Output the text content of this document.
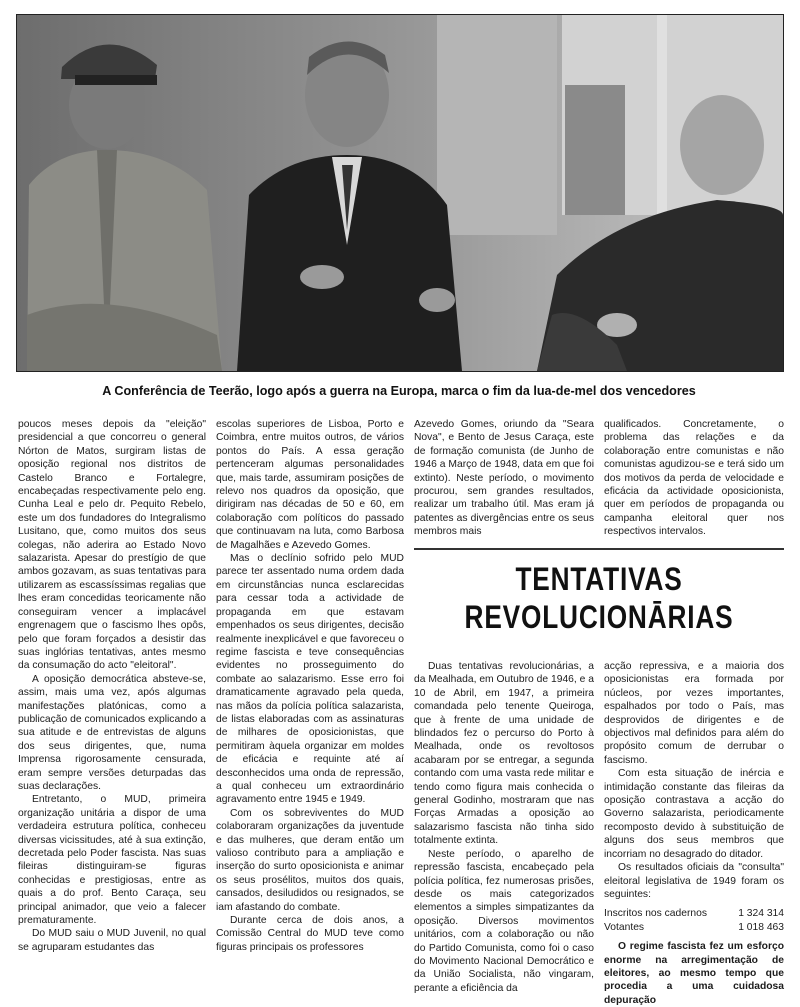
A Conferência de Teerão, logo após a guerra na Europa, marca o fim da lua-de-mel dos vencedores

poucos meses depois da "eleição" presidencial a que concorreu o general Nórton de Matos, surgiram listas de oposição regional nos distritos de Castelo Branco e Fortalegre, encabeçadas respectivamente pelo eng. Cunha Leal e pelo dr. Pequito Rebelo, este um dos fundadores do Integralismo Lusitano, que, como muitos dos seus colegas, não aderira ao Estado Novo salazarista. Apesar do prestígio de que ambos gozavam, as suas tentativas para utilizarem as escassíssimas regalias que lhes eram concedidas teoricamente não conseguiram vencer a implacável engrenagem que o fascismo lhes opôs, pelo que foram forçados a desistir das suas inglórias tentativas, antes mesmo da consumação do acto "eleitoral".

A oposição democrática absteve-se, assim, mais uma vez, após algumas manifestações platónicas, como a publicação de comunicados explicando a sua atitude e de entrevistas de alguns dos seus dirigentes, que, numa Imprensa rigorosamente censurada, eram sempre versões deturpadas das suas declarações.

Entretanto, o MUD, primeira organização unitária a dispor de uma verdadeira estrutura política, conheceu diversas vicissitudes, até à sua extinção, decretada pelo Poder fascista. Nas suas fileiras distinguiram-se figuras conhecidas e prestigiosas, entre as quais a do prof. Bento Caraça, seu principal animador, que veio a falecer prematuramente.

Do MUD saiu o MUD Juvenil, no qual se agruparam estudantes das

escolas superiores de Lisboa, Porto e Coimbra, entre muitos outros, de vários pontos do País. A essa geração pertenceram algumas personalidades que, mais tarde, assumiram posições de relevo nos quadros da oposição, que dirigiram nas décadas de 50 e 60, em colaboração com políticos do passado que continuavam na luta, como Barbosa de Magalhães e Azevedo Gomes.

Mas o declínio sofrido pelo MUD parece ter assentado numa ordem dada em circunstâncias nunca esclarecidas para cessar toda a actividade de propaganda em que estavam empenhados os seus dirigentes, decisão realmente inexplicável e que favoreceu o regime fascista e teve consequências evidentes no prosseguimento do combate ao salazarismo. Esse erro foi dramaticamente agravado pela queda, nas mãos da polícia política salazarista, de listas elaboradas com as assinaturas de milhares de oposicionistas, que permitiram àquela organizar em moldes de eficácia e requinte até aí desconhecidos uma onda de repressão, a qual conheceu um extraordinário agravamento entre 1945 e 1949.

Com os sobreviventes do MUD colaboraram organizações da juventude e das mulheres, que deram então um valioso contributo para a ampliação e inserção do surto oposicionista e animar os seus prosélitos, muitos dos quais, cansados, desiludidos ou resignados, se iam afastando do combate.

Durante cerca de dois anos, a Comissão Central do MUD teve como figuras principais os professores

Azevedo Gomes, oriundo da "Seara Nova", e Bento de Jesus Caraça, este de formação comunista (de Junho de 1946 a Março de 1948, data em que foi extinto). Neste período, o movimento procurou, sem grandes resultados, realizar um trabalho útil. Mas eram já patentes as divergências entre os seus membros mais

qualificados. Concretamente, o problema das relações e da colaboração entre comunistas e não comunistas agudizou-se e terá sido um dos motivos da perda de velocidade e eficácia da actividade oposicionista, quer em períodos de propaganda ou campanha eleitoral quer nos respectivos intervalos.

TENTATIVAS
REVOLUCIONĀRIAS

Duas tentativas revolucionárias, a da Mealhada, em Outubro de 1946, e a 10 de Abril, em 1947, a primeira comandada pelo tenente Queiroga, que à frente de uma unidade de blindados fez o percurso do Porto à Mealhada, onde os revoltosos acabaram por se entregar, a segunda contando com uma vasta rede militar e tendo como figura mais conhecida o general Godinho, mostraram que nas Forças Armadas a oposição ao salazarismo fascista não tinha sido totalmente extinta.

Neste período, o aparelho de repressão fascista, encabeçado pela polícia política, fez numerosas prisões, desde os mais categorizados elementos a simples simpatizantes da oposição. Diversos movimentos unitários, com a colaboração ou não do Partido Comunista, como foi o caso do Movimento Nacional Democrático e da União Socialista, não vingaram, perante a eficiência da

acção repressiva, e a maioria dos oposicionistas era formada por núcleos, por vezes importantes, espalhados por todo o País, mas desprovidos de dirigentes e de objectivos mal definidos para além do propósito comum de derrubar o fascismo.

Com esta situação de inércia e intimidação constante das fileiras da oposição contrastava a acção do Governo salazarista, periodicamente recomposto devido à substituição de alguns dos seus membros que incorriam no desagrado do ditador.

Os resultados oficiais da "consulta" eleitoral legislativa de 1949 foram os seguintes:

Inscritos nos cadernos	1 324 314
Votantes	1 018 463

O regime fascista fez um esforço enorme na arregimentação de eleitores, ao mesmo tempo que procedia a uma cuidadosa depuração
